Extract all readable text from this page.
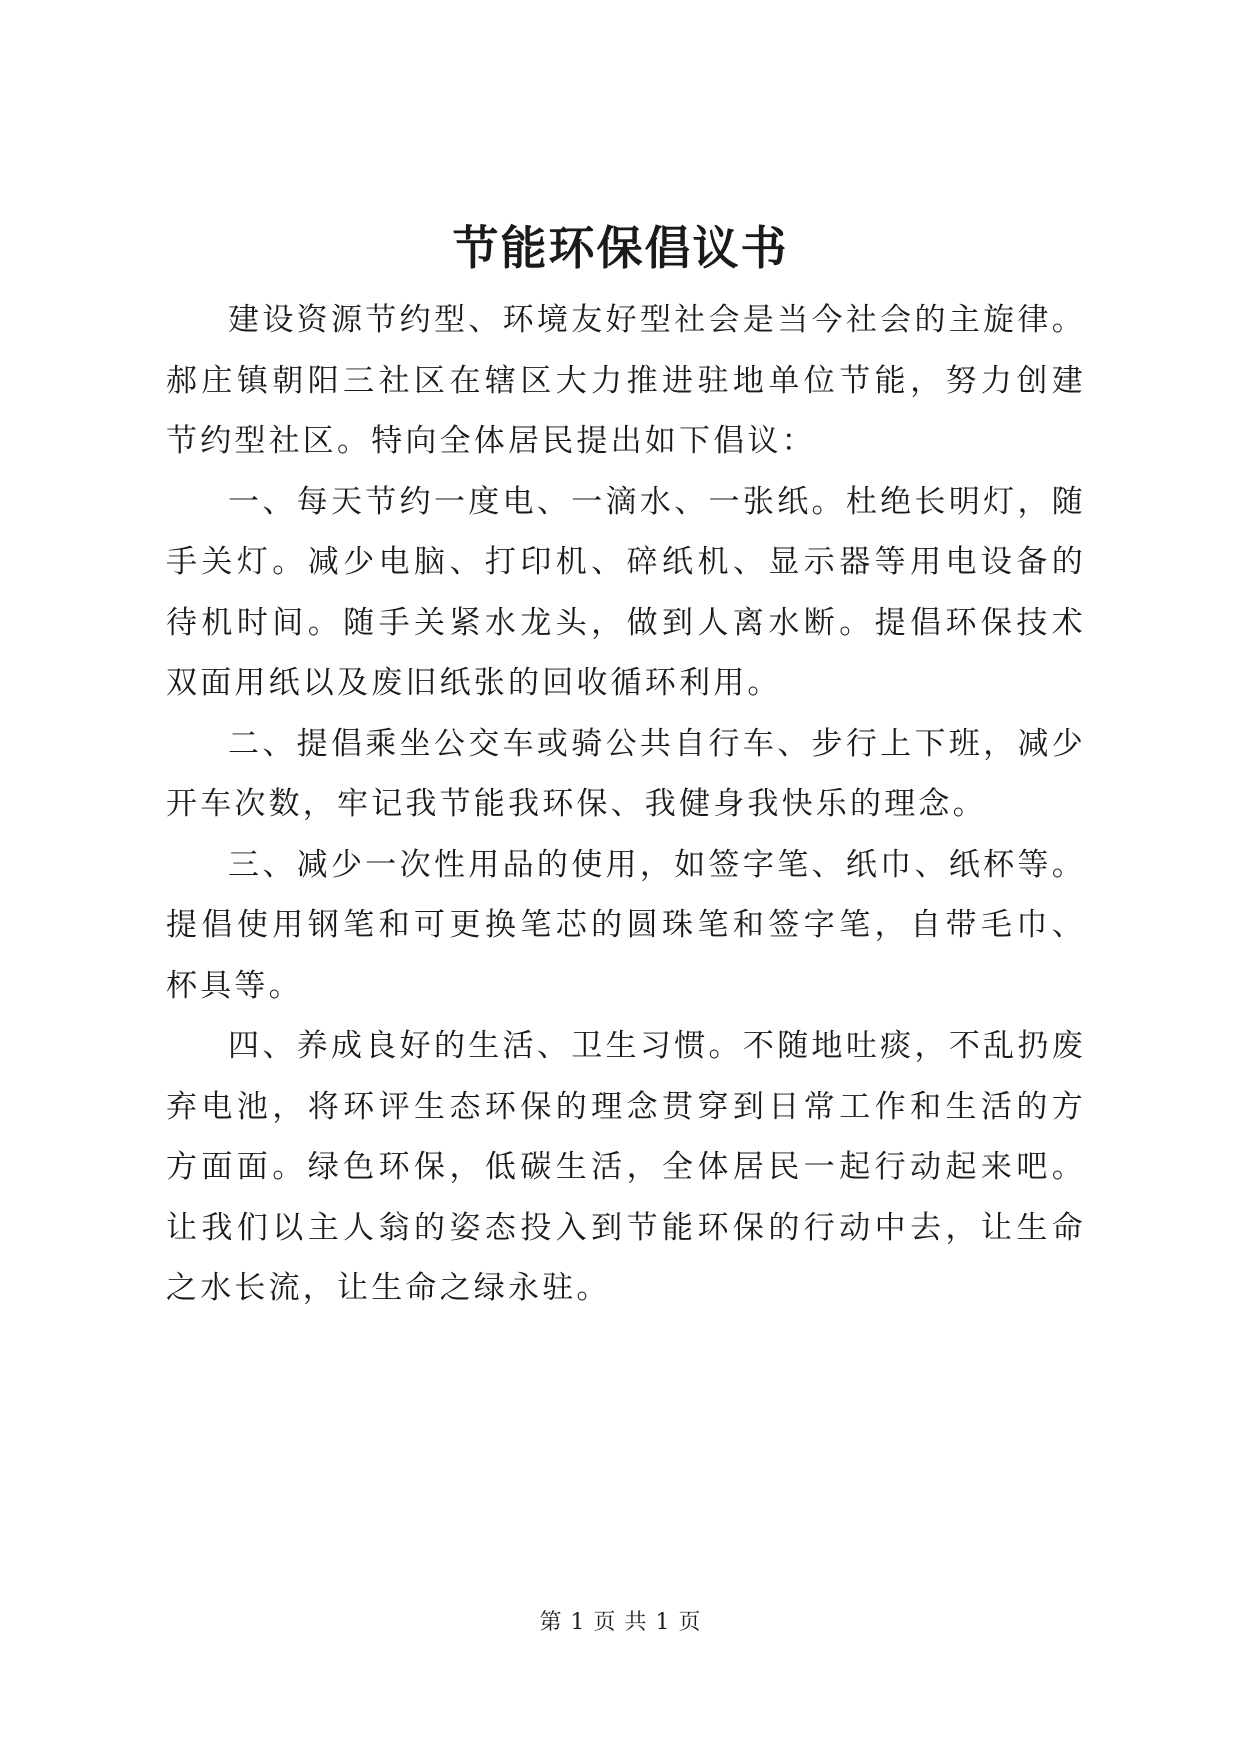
节能环保倡议书

建设资源节约型、环境友好型社会是当今社会的主旋律。郝庄镇朝阳三社区在辖区大力推进驻地单位节能，努力创建节约型社区。特向全体居民提出如下倡议：

一、每天节约一度电、一滴水、一张纸。杜绝长明灯，随手关灯。减少电脑、打印机、碎纸机、显示器等用电设备的待机时间。随手关紧水龙头，做到人离水断。提倡环保技术双面用纸以及废旧纸张的回收循环利用。

二、提倡乘坐公交车或骑公共自行车、步行上下班，减少开车次数，牢记我节能我环保、我健身我快乐的理念。

三、减少一次性用品的使用，如签字笔、纸巾、纸杯等。提倡使用钢笔和可更换笔芯的圆珠笔和签字笔，自带毛巾、杯具等。

四、养成良好的生活、卫生习惯。不随地吐痰，不乱扔废弃电池，将环评生态环保的理念贯穿到日常工作和生活的方方面面。绿色环保，低碳生活，全体居民一起行动起来吧。让我们以主人翁的姿态投入到节能环保的行动中去，让生命之水长流，让生命之绿永驻。

第 1 页 共 1 页
